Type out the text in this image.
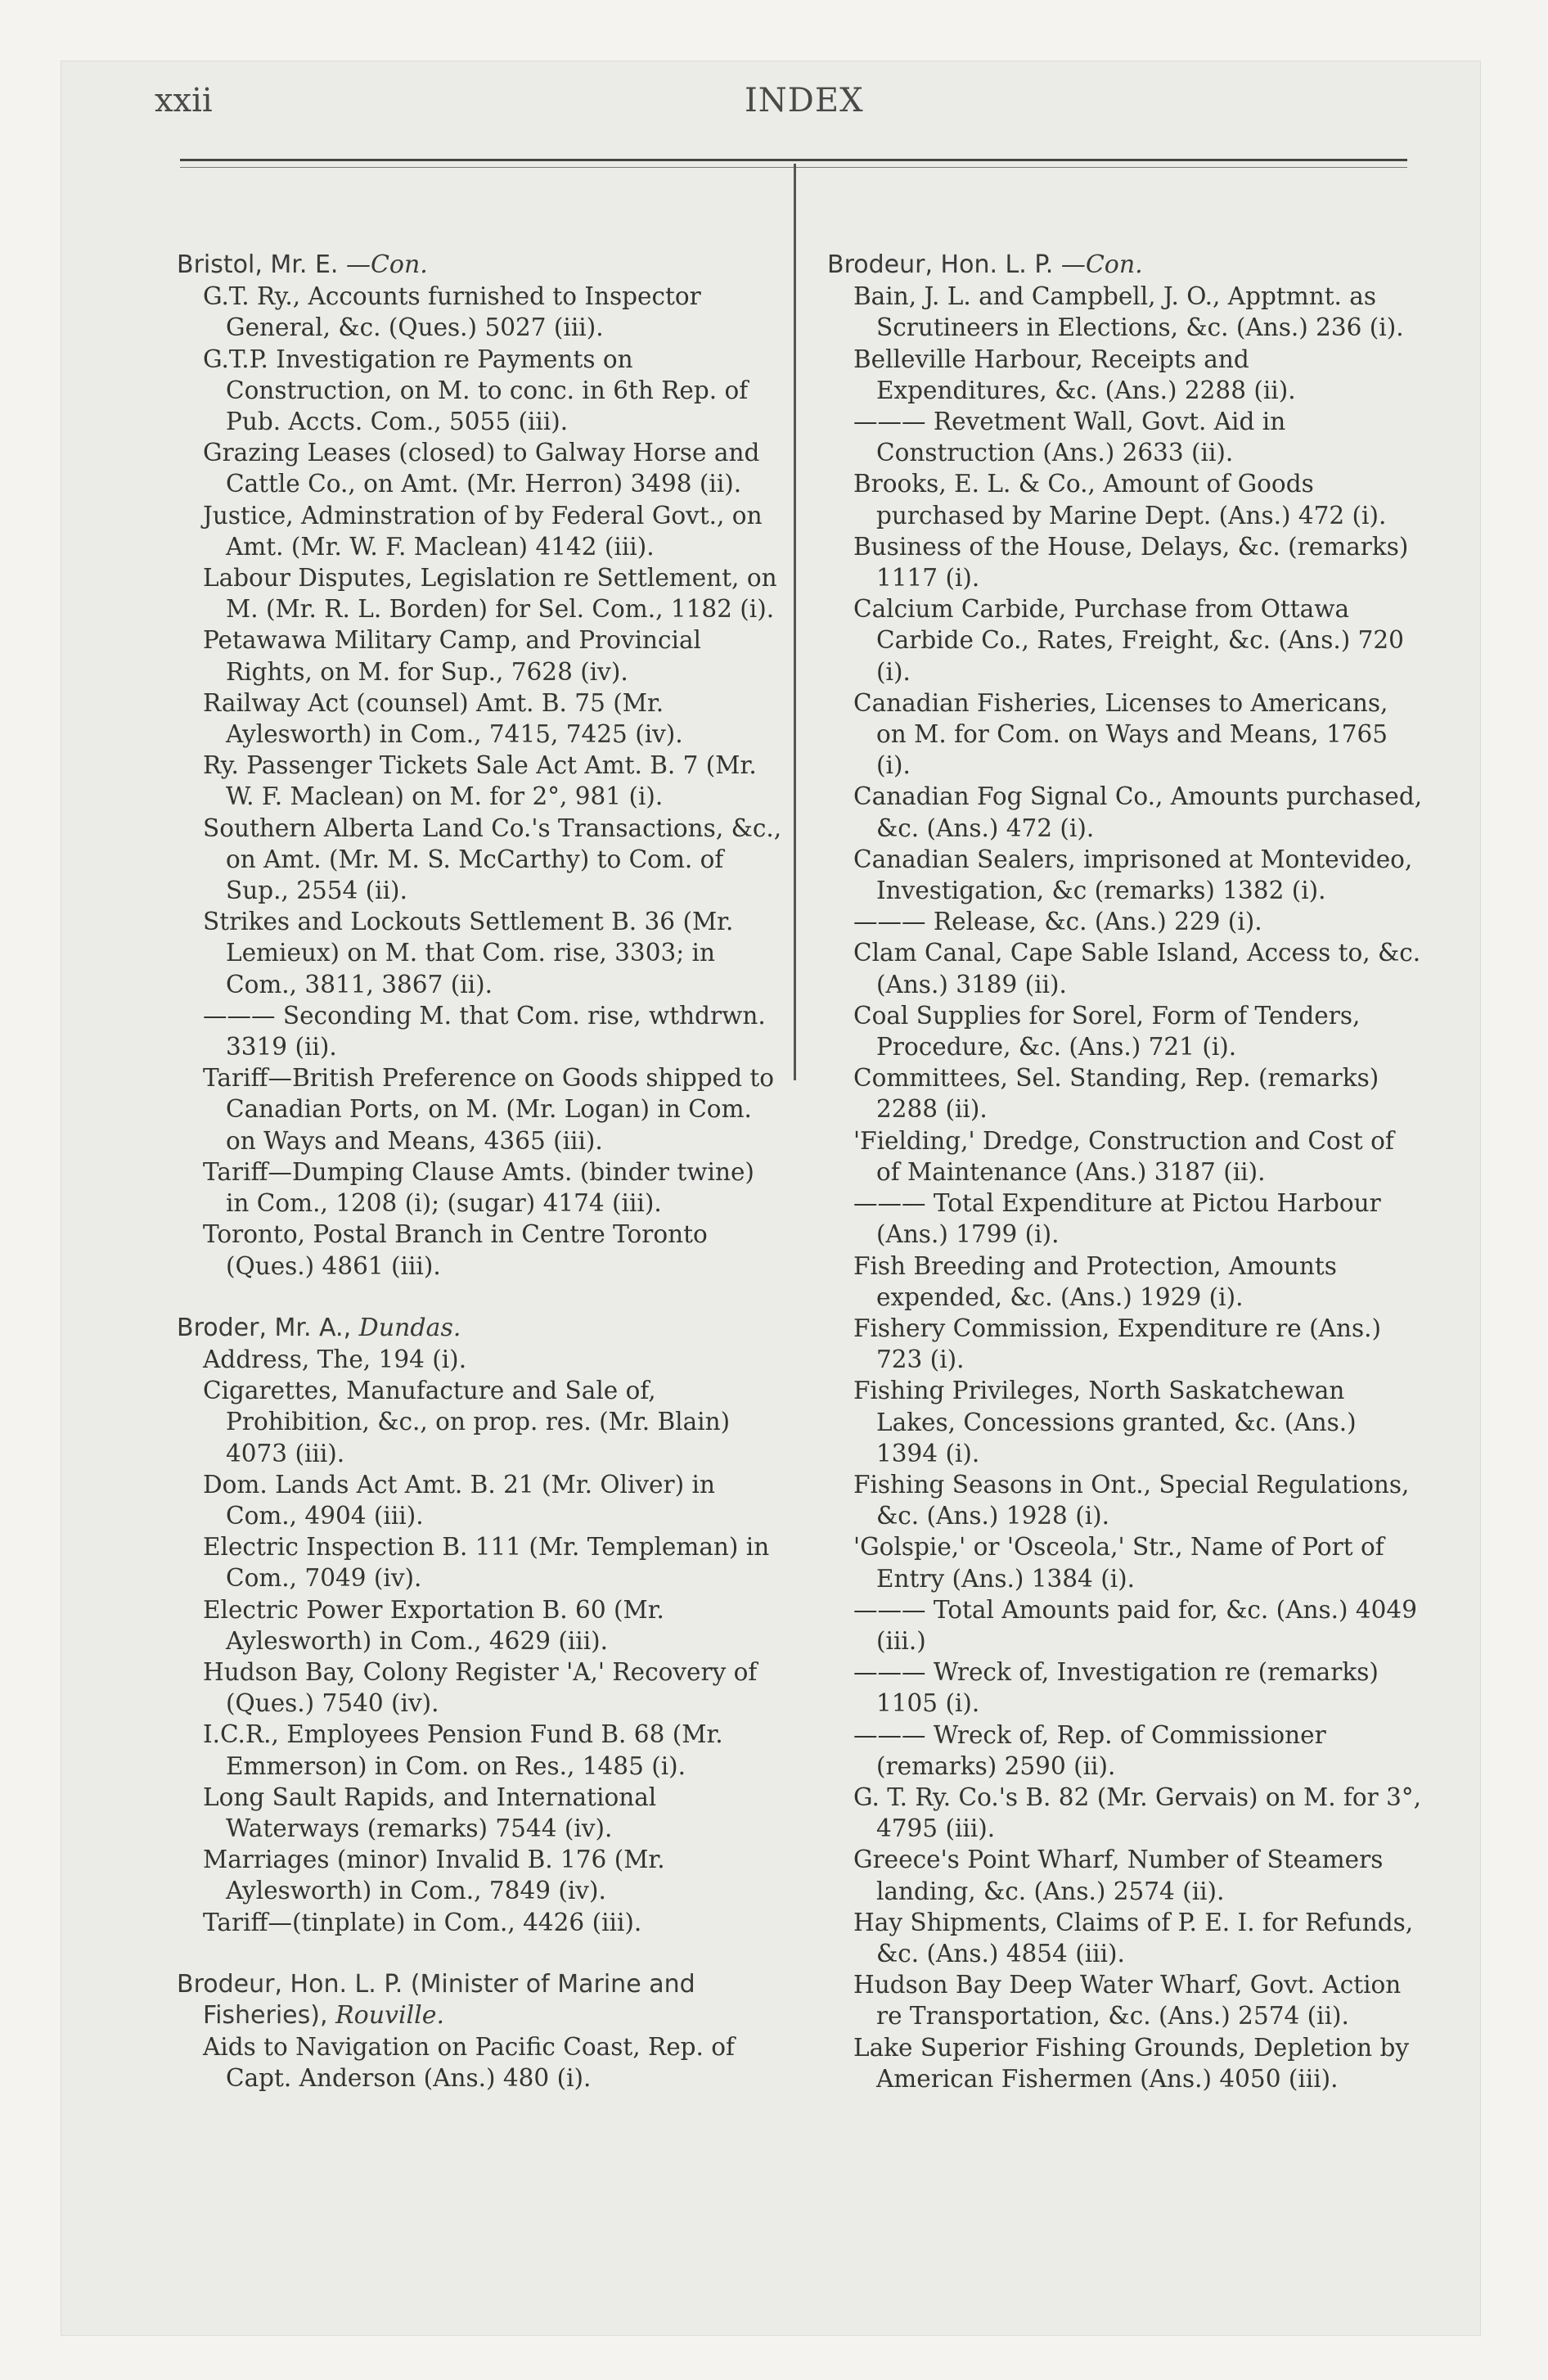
xxii	INDEX
Bristol, Mr. E. —Con.
G.T. Ry., Accounts furnished to Inspector General, &c. (Ques.) 5027 (iii).
G.T.P. Investigation re Payments on Construction, on M. to conc. in 6th Rep. of Pub. Accts. Com., 5055 (iii).
Grazing Leases (closed) to Galway Horse and Cattle Co., on Amt. (Mr. Herron) 3498 (ii).
Justice, Adminstration of by Federal Govt., on Amt. (Mr. W. F. Maclean) 4142 (iii).
Labour Disputes, Legislation re Settlement, on M. (Mr. R. L. Borden) for Sel. Com., 1182 (i).
Petawawa Military Camp, and Provincial Rights, on M. for Sup., 7628 (iv).
Railway Act (counsel) Amt. B. 75 (Mr. Aylesworth) in Com., 7415, 7425 (iv).
Ry. Passenger Tickets Sale Act Amt. B. 7 (Mr. W. F. Maclean) on M. for 2°, 981 (i).
Southern Alberta Land Co.'s Transactions, &c., on Amt. (Mr. M. S. McCarthy) to Com. of Sup., 2554 (ii).
Strikes and Lockouts Settlement B. 36 (Mr. Lemieux) on M. that Com. rise, 3303; in Com., 3811, 3867 (ii).
——— Seconding M. that Com. rise, wthdrwn. 3319 (ii).
Tariff—British Preference on Goods shipped to Canadian Ports, on M. (Mr. Logan) in Com. on Ways and Means, 4365 (iii).
Tariff—Dumping Clause Amts. (binder twine) in Com., 1208 (i); (sugar) 4174 (iii).
Toronto, Postal Branch in Centre Toronto (Ques.) 4861 (iii).
Broder, Mr. A., Dundas.
Address, The, 194 (i).
Cigarettes, Manufacture and Sale of, Prohibition, &c., on prop. res. (Mr. Blain) 4073 (iii).
Dom. Lands Act Amt. B. 21 (Mr. Oliver) in Com., 4904 (iii).
Electric Inspection B. 111 (Mr. Templeman) in Com., 7049 (iv).
Electric Power Exportation B. 60 (Mr. Aylesworth) in Com., 4629 (iii).
Hudson Bay, Colony Register 'A,' Recovery of (Ques.) 7540 (iv).
I.C.R., Employees Pension Fund B. 68 (Mr. Emmerson) in Com. on Res., 1485 (i).
Long Sault Rapids, and International Waterways (remarks) 7544 (iv).
Marriages (minor) Invalid B. 176 (Mr. Aylesworth) in Com., 7849 (iv).
Tariff—(tinplate) in Com., 4426 (iii).
Brodeur, Hon. L. P. (Minister of Marine and Fisheries), Rouville.
Aids to Navigation on Pacific Coast, Rep. of Capt. Anderson (Ans.) 480 (i).
Brodeur, Hon. L. P. —Con.
Bain, J. L. and Campbell, J. O., Apptmnt. as Scrutineers in Elections, &c. (Ans.) 236 (i).
Belleville Harbour, Receipts and Expenditures, &c. (Ans.) 2288 (ii).
——— Revetment Wall, Govt. Aid in Construction (Ans.) 2633 (ii).
Brooks, E. L. & Co., Amount of Goods purchased by Marine Dept. (Ans.) 472 (i).
Business of the House, Delays, &c. (remarks) 1117 (i).
Calcium Carbide, Purchase from Ottawa Carbide Co., Rates, Freight, &c. (Ans.) 720 (i).
Canadian Fisheries, Licenses to Americans, on M. for Com. on Ways and Means, 1765 (i).
Canadian Fog Signal Co., Amounts purchased, &c. (Ans.) 472 (i).
Canadian Sealers, imprisoned at Montevideo, Investigation, &c (remarks) 1382 (i).
——— Release, &c. (Ans.) 229 (i).
Clam Canal, Cape Sable Island, Access to, &c. (Ans.) 3189 (ii).
Coal Supplies for Sorel, Form of Tenders, Procedure, &c. (Ans.) 721 (i).
Committees, Sel. Standing, Rep. (remarks) 2288 (ii).
'Fielding,' Dredge, Construction and Cost of of Maintenance (Ans.) 3187 (ii).
——— Total Expenditure at Pictou Harbour (Ans.) 1799 (i).
Fish Breeding and Protection, Amounts expended, &c. (Ans.) 1929 (i).
Fishery Commission, Expenditure re (Ans.) 723 (i).
Fishing Privileges, North Saskatchewan Lakes, Concessions granted, &c. (Ans.) 1394 (i).
Fishing Seasons in Ont., Special Regulations, &c. (Ans.) 1928 (i).
'Golspie,' or 'Osceola,' Str., Name of Port of Entry (Ans.) 1384 (i).
——— Total Amounts paid for, &c. (Ans.) 4049 (iii.)
——— Wreck of, Investigation re (remarks) 1105 (i).
——— Wreck of, Rep. of Commissioner (remarks) 2590 (ii).
G. T. Ry. Co.'s B. 82 (Mr. Gervais) on M. for 3°, 4795 (iii).
Greece's Point Wharf, Number of Steamers landing, &c. (Ans.) 2574 (ii).
Hay Shipments, Claims of P. E. I. for Refunds, &c. (Ans.) 4854 (iii).
Hudson Bay Deep Water Wharf, Govt. Action re Transportation, &c. (Ans.) 2574 (ii).
Lake Superior Fishing Grounds, Depletion by American Fishermen (Ans.) 4050 (iii).
